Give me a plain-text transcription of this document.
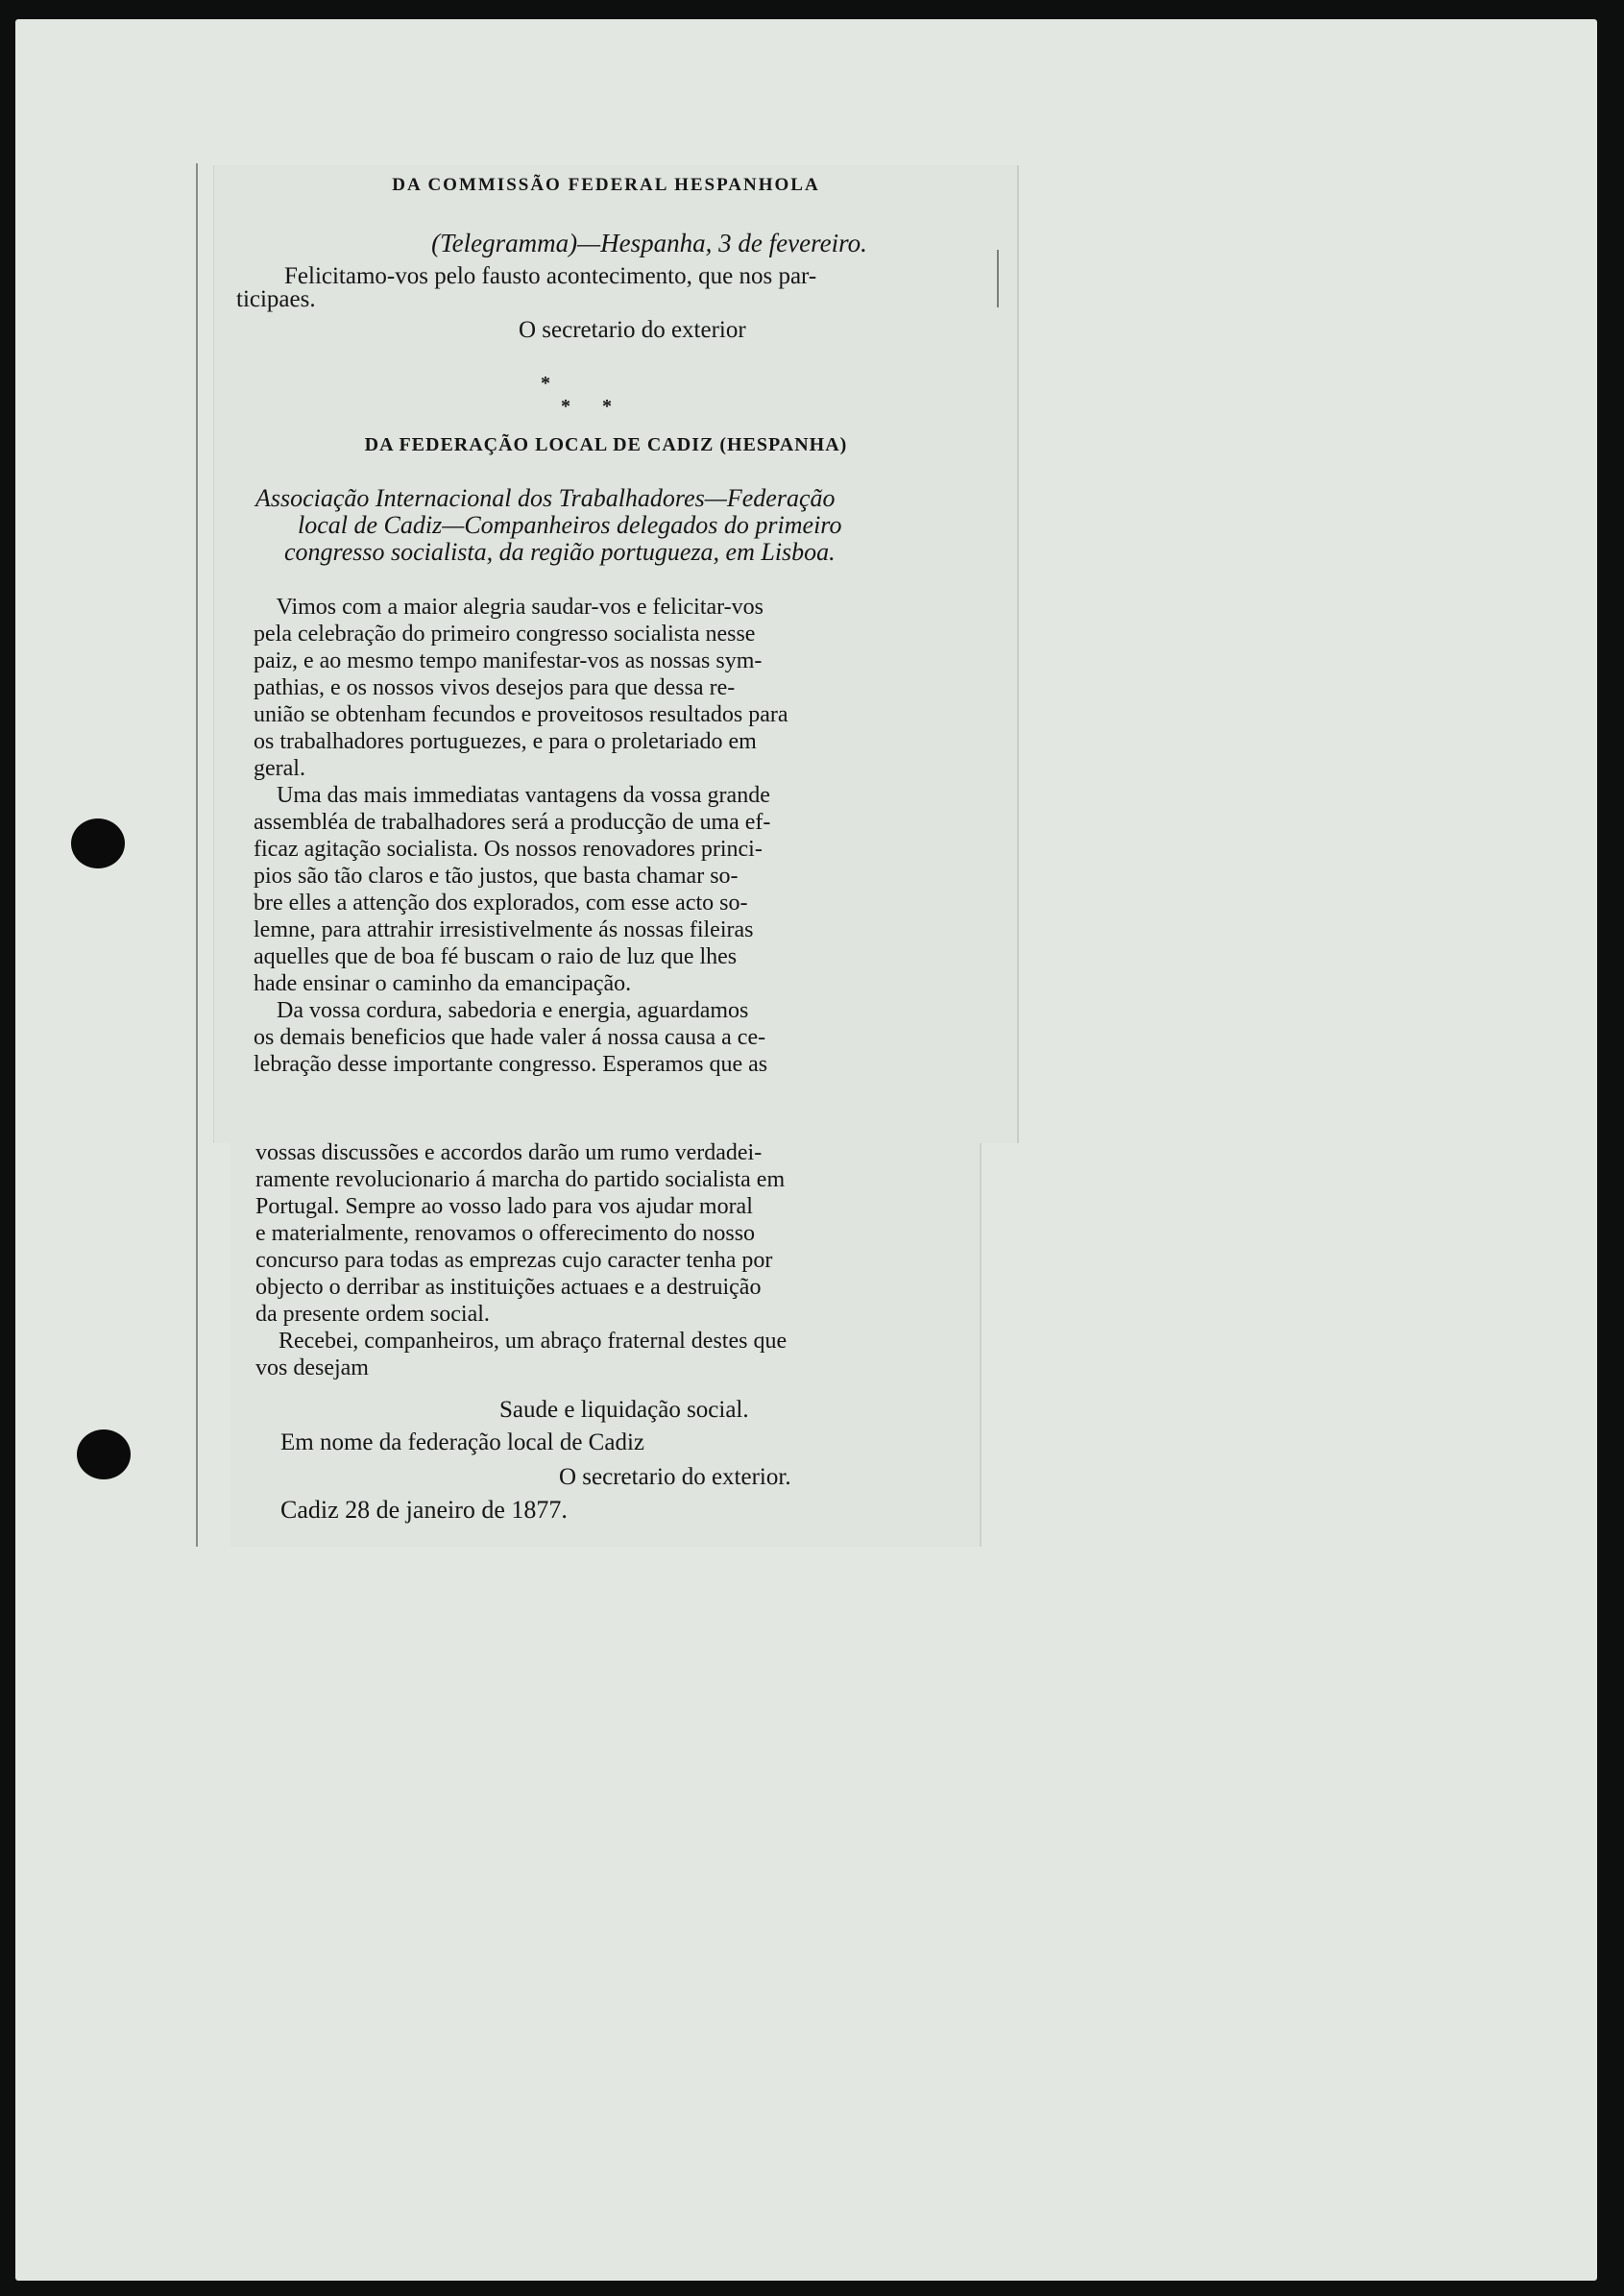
DA COMMISSÃO FEDERAL HESPANHOLA
(Telegramma)—Hespanha, 3 de fevereiro.
Felicitamo-vos pelo fausto acontecimento, que nos par-
ticipaes.
O secretario do exterior
*
* *
DA FEDERAÇÃO LOCAL DE CADIZ (HESPANHA)
Associação Internacional dos Trabalhadores—Federação
local de Cadiz—Companheiros delegados do primeiro
congresso socialista, da região portugueza, em Lisboa.
Vimos com a maior alegria saudar-vos e felicitar-vos
pela celebração do primeiro congresso socialista nesse
paiz, e ao mesmo tempo manifestar-vos as nossas sym-
pathias, e os nossos vivos desejos para que dessa re-
união se obtenham fecundos e proveitosos resultados para
os trabalhadores portuguezes, e para o proletariado em
geral.
Uma das mais immediatas vantagens da vossa grande
assembléa de trabalhadores será a producção de uma ef-
ficaz agitação socialista. Os nossos renovadores princi-
pios são tão claros e tão justos, que basta chamar so-
bre elles a attenção dos explorados, com esse acto so-
lemne, para attrahir irresistivelmente ás nossas fileiras
aquelles que de boa fé buscam o raio de luz que lhes
hade ensinar o caminho da emancipação.
Da vossa cordura, sabedoria e energia, aguardamos
os demais beneficios que hade valer á nossa causa a ce-
lebração desse importante congresso. Esperamos que as
vossas discussões e accordos darão um rumo verdadei-
ramente revolucionario á marcha do partido socialista em
Portugal. Sempre ao vosso lado para vos ajudar moral
e materialmente, renovamos o offerecimento do nosso
concurso para todas as emprezas cujo caracter tenha por
objecto o derribar as instituições actuaes e a destruição
da presente ordem social.
Recebei, companheiros, um abraço fraternal destes que
vos desejam
Saude e liquidação social.
Em nome da federação local de Cadiz
O secretario do exterior.
Cadiz 28 de janeiro de 1877.
